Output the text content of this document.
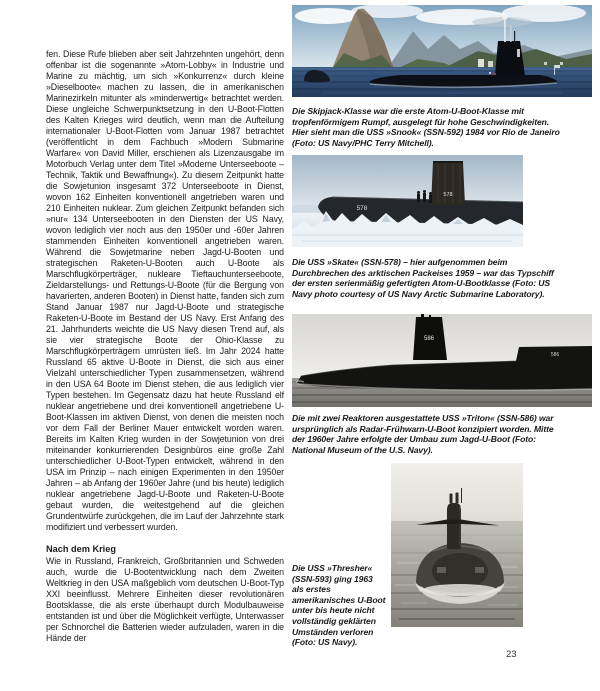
fen. Diese Rufe blieben aber seit Jahrzehnten ungehört, denn offenbar ist die sogenannte »Atom-Lobby« in Industrie und Marine zu mächtig, um sich »Konkurrenz« durch kleine »Dieselboote« machen zu lassen, die in amerikanischen Marinezirkeln mitunter als »minderwertig« betrachtet werden. Diese ungleiche Schwerpunktsetzung in den U-Boot-Flotten des Kalten Krieges wird deutlich, wenn man die Aufteilung internationaler U-Boot-Flotten vom Januar 1987 betrachtet (veröffentlicht in dem Fachbuch »Modern Submarine Warfare« von David Miller, erschienen als Lizenzausgabe im Motorbuch Verlag unter dem Titel »Moderne Unterseeboote – Technik, Taktik und Bewaffnung«). Zu diesem Zeitpunkt hatte die Sowjetunion insgesamt 372 Unterseeboote in Dienst, wovon 162 Einheiten konventionell angetrieben waren und 210 Einheiten nuklear. Zum gleichen Zeitpunkt befanden sich »nur« 134 Unterseebooten in den Diensten der US Navy, wovon lediglich vier noch aus den 1950er und -60er Jahren stammenden Einheiten konventionell angetrieben waren. Während die Sowjetmarine neben Jagd-U-Booten und strategischen Raketen-U-Booten auch U-Boote als Marschflugkörperträger, nukleare Tieftauchunterseeboote, Zieldarstellungs- und Rettungs-U-Boote (für die Bergung von havarierten, anderen Booten) in Dienst hatte, fanden sich zum Stand Januar 1987 nur Jagd-U-Boote und strategische Raketen-U-Boote im Bestand der US Navy. Erst Anfang des 21. Jahrhunderts weichte die US Navy diesen Trend auf, als sie vier strategische Boote der Ohio-Klasse zu Marschflugkörperträgern umrüsten ließ. Im Jahr 2024 hatte Russland 65 aktive U-Boote in Dienst, die sich aus einer Vielzahl unterschiedlicher Typen zusammensetzen, während in den USA 64 Boote im Dienst stehen, die aus lediglich vier Typen bestehen. Im Gegensatz dazu hat heute Russland elf nuklear angetriebene und drei konventionell angetriebene U-Boot-Klassen im aktiven Dienst, von denen die meisten noch vor dem Fall der Berliner Mauer entwickelt worden waren. Bereits im Kalten Krieg wurden in der Sowjetunion von drei miteinander konkurrierenden Designbüros eine große Zahl unterschiedlicher U-Boot-Typen entwickelt, während in den USA im Prinzip – nach einigen Experimenten in den 1950er Jahren – ab Anfang der 1960er Jahre (und bis heute) lediglich nuklear angetriebene Jagd-U-Boote und Raketen-U-Boote gebaut wurden, die weitestgehend auf die gleichen Grundentwürfe zurückgehen, die im Lauf der Jahrzehnte stark modifiziert und verbessert wurden.

Nach dem Krieg

Wie in Russland, Frankreich, Großbritannien und Schweden auch, wurde die U-Bootentwicklung nach dem Zweiten Weltkrieg in den USA maßgeblich vom deutschen U-Boot-Typ XXI beeinflusst. Mehrere Einheiten dieser revolutionären Bootsklasse, die als erste überhaupt durch Modulbauweise entstanden ist und über die Möglichkeit verfügte, Unterwasser per Schnorchel die Batterien wieder aufzuladen, waren in die Hände der

Die Skipjack-Klasse war die erste Atom-U-Boot-Klasse mit tropfenförmigem Rumpf, ausgelegt für hohe Geschwindigkeiten. Hier sieht man die USS »Snook« (SSN-592) 1984 vor Rio de Janeiro (Foto: US Navy/PHC Terry Mitchell).
578
578
Die USS »Skate« (SSN-578) – hier aufgenommen beim Durchbrechen des arktischen Packeises 1959 – war das Typschiff der ersten serienmäßig gefertigten Atom-U-Bootklasse (Foto: US Navy photo courtesy of US Navy Arctic Submarine Laboratory).
586
586
Die mit zwei Reaktoren ausgestattete USS »Triton« (SSN-586) war ursprünglich als Radar-Frühwarn-U-Boot konzipiert worden. Mitte der 1960er Jahre erfolgte der Umbau zum Jagd-U-Boot (Foto: National Museum of the U.S. Navy).
Die USS »Thresher« (SSN-593) ging 1963 als erstes amerikanisches U-Boot unter bis heute nicht vollständig geklärten Umständen verloren (Foto: US Navy).
23
